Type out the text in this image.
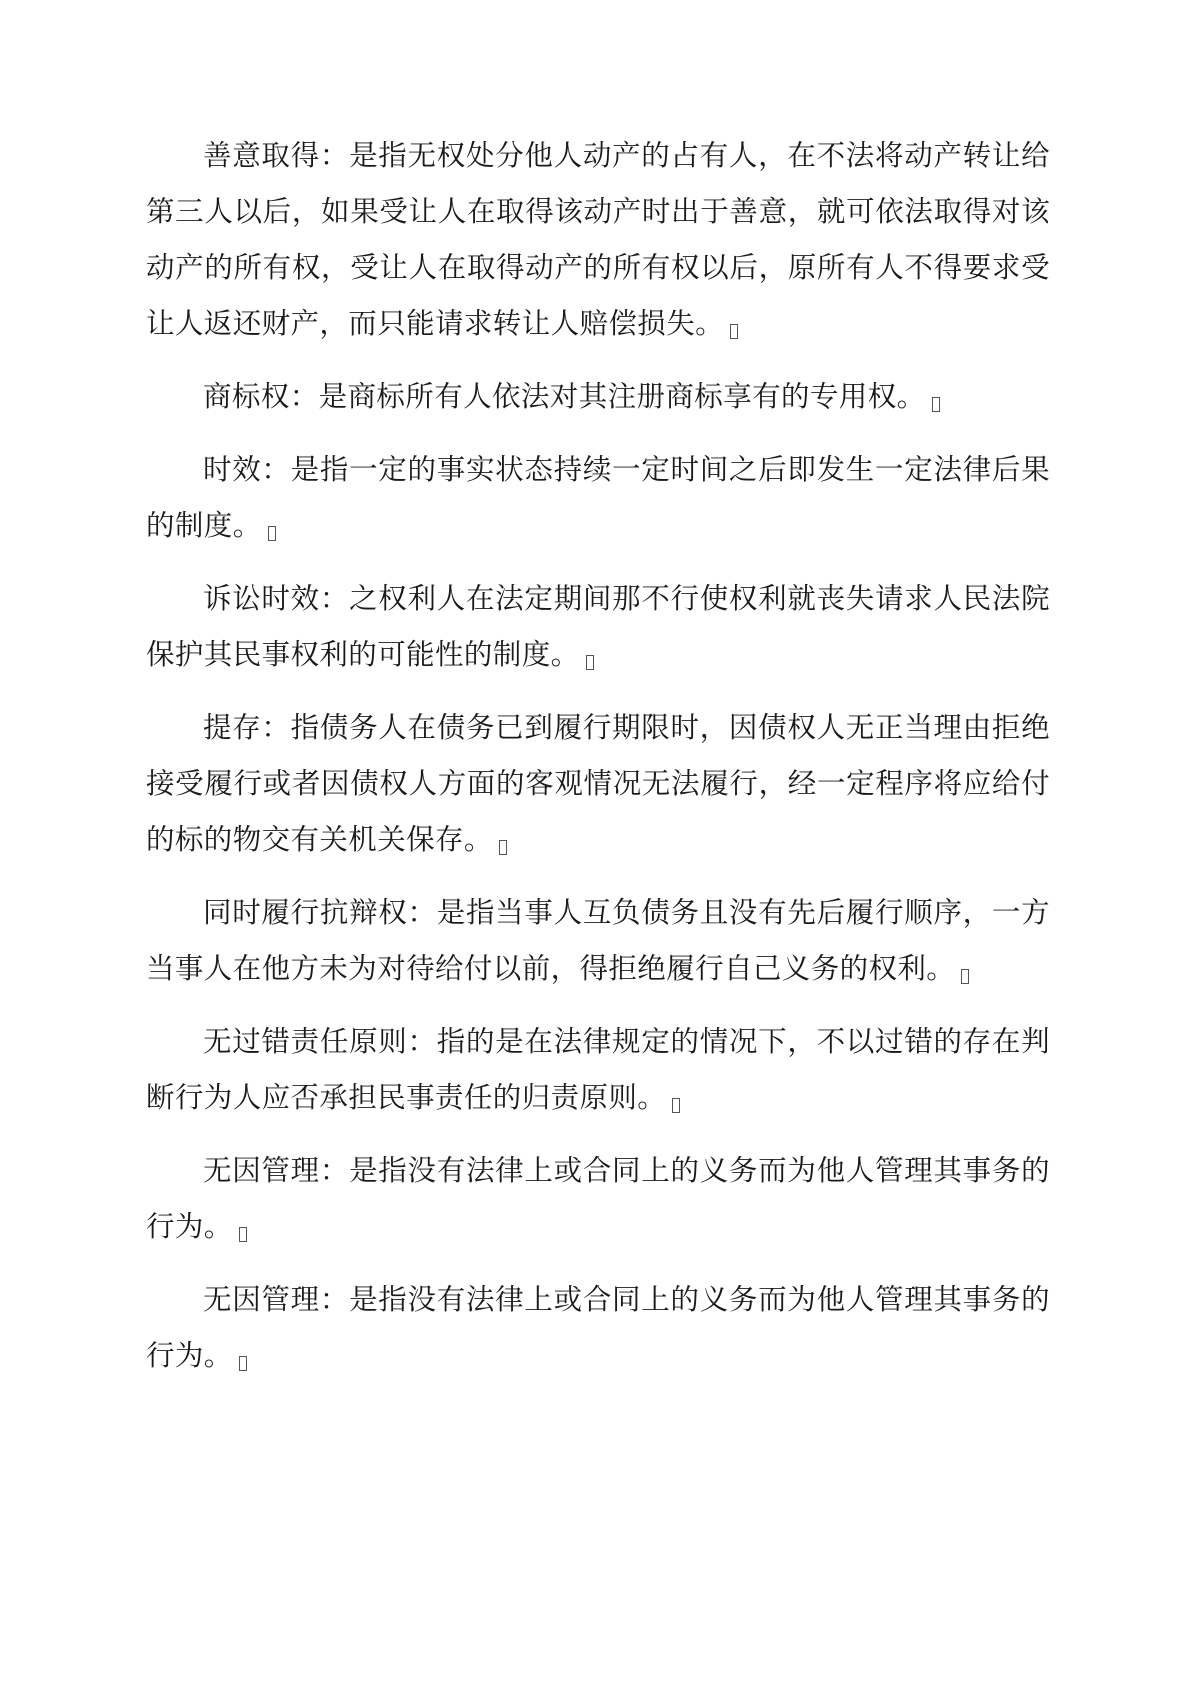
善意取得：是指无权处分他人动产的占有人，在不法将动产转让给第三人以后，如果受让人在取得该动产时出于善意，就可依法取得对该动产的所有权，受让人在取得动产的所有权以后，原所有人不得要求受让人返还财产，而只能请求转让人赔偿损失。

商标权：是商标所有人依法对其注册商标享有的专用权。

时效：是指一定的事实状态持续一定时间之后即发生一定法律后果的制度。

诉讼时效：之权利人在法定期间那不行使权利就丧失请求人民法院保护其民事权利的可能性的制度。

提存：指债务人在债务已到履行期限时，因债权人无正当理由拒绝接受履行或者因债权人方面的客观情况无法履行，经一定程序将应给付的标的物交有关机关保存。

同时履行抗辩权：是指当事人互负债务且没有先后履行顺序，一方当事人在他方未为对待给付以前，得拒绝履行自己义务的权利。

无过错责任原则：指的是在法律规定的情况下，不以过错的存在判断行为人应否承担民事责任的归责原则。

无因管理：是指没有法律上或合同上的义务而为他人管理其事务的行为。

无因管理：是指没有法律上或合同上的义务而为他人管理其事务的行为。
